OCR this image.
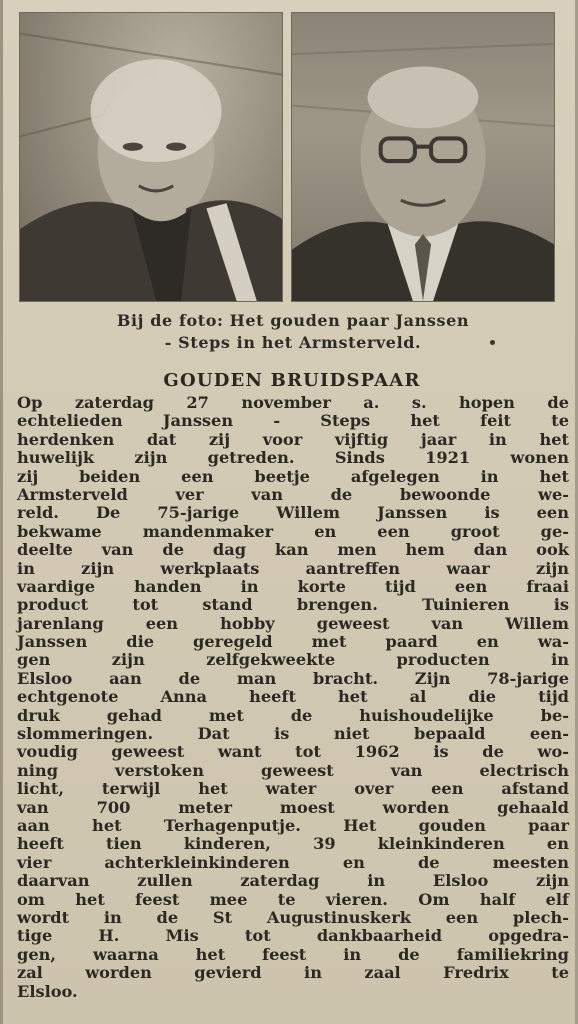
Bij de foto: Het gouden paar Janssen
- Steps in het Armsterveld.
GOUDEN BRUIDSPAAR
Op zaterdag 27 november a. s. hopen de
echtelieden Janssen - Steps het feit te
herdenken dat zij voor vijftig jaar in het
huwelijk zijn getreden. Sinds 1921 wonen
zij beiden een beetje afgelegen in het
Armsterveld ver van de bewoonde we-
reld. De 75-jarige Willem Janssen is een
bekwame mandenmaker en een groot ge-
deelte van de dag kan men hem dan ook
in zijn werkplaats aantreffen waar zijn
vaardige handen in korte tijd een fraai
product tot stand brengen. Tuinieren is
jarenlang een hobby geweest van Willem
Janssen die geregeld met paard en wa-
gen zijn zelfgekweekte producten in
Elsloo aan de man bracht. Zijn 78-jarige
echtgenote Anna heeft het al die tijd
druk gehad met de huishoudelijke be-
slommeringen. Dat is niet bepaald een-
voudig geweest want tot 1962 is de wo-
ning verstoken geweest van electrisch
licht, terwijl het water over een afstand
van 700 meter moest worden gehaald
aan het Terhagenputje. Het gouden paar
heeft tien kinderen, 39 kleinkinderen en
vier achterkleinkinderen en de meesten
daarvan zullen zaterdag in Elsloo zijn
om het feest mee te vieren. Om half elf
wordt in de St Augustinuskerk een plech-
tige H. Mis tot dankbaarheid opgedra-
gen, waarna het feest in de familiekring
zal worden gevierd in zaal Fredrix te
Elsloo.
